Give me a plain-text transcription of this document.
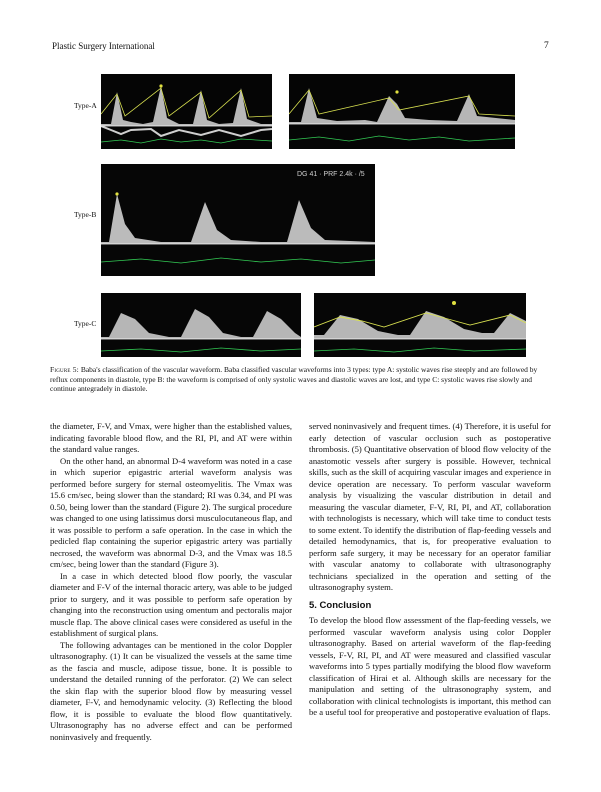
Plastic Surgery International	7
Type-A
Type-B
Type-C
DG 41 · PRF 2.4k · /5
Figure 5: Baba's classification of the vascular waveform. Baba classified vascular waveforms into 3 types: type A: systolic waves rise steeply and are followed by reflux components in diastole, type B: the waveform is comprised of only systolic waves and diastolic waves are lost, and type C: systolic waves rise slowly and continue antegradely in diastole.

the diameter, F-V, and Vmax, were higher than the established values, indicating favorable blood flow, and the RI, PI, and AT were within the standard value ranges.

On the other hand, an abnormal D-4 waveform was noted in a case in which superior epigastric arterial waveform analysis was performed before surgery for sternal osteomyelitis. The Vmax was 15.6 cm/sec, being slower than the standard; RI was 0.34, and PI was 0.50, being lower than the standard (Figure 2). The surgical procedure was changed to one using latissimus dorsi musculocutaneous flap, and it was possible to perform a safe operation. In the case in which the pedicled flap containing the superior epigastric artery was partially necrosed, the waveform was abnormal D-3, and the Vmax was 18.5 cm/sec, being lower than the standard (Figure 3).

In a case in which detected blood flow poorly, the vascular diameter and F-V of the internal thoracic artery, was able to be judged prior to surgery, and it was possible to perform safe operation by changing into the reconstruction using omentum and pectoralis major muscle flap. The above clinical cases were considered as useful in the establishment of surgical plans.

The following advantages can be mentioned in the color Doppler ultrasonography. (1) It can be visualized the vessels at the same time as the fascia and muscle, adipose tissue, bone. It is possible to understand the detailed running of the perforator. (2) We can select the skin flap with the superior blood flow by measuring vessel diameter, F-V, and hemodynamic velocity. (3) Reflecting the blood flow, it is possible to evaluate the blood flow quantitatively. Ultrasonography has no adverse effect and can be performed noninvasively and frequently.

served noninvasively and frequent times. (4) Therefore, it is useful for early detection of vascular occlusion such as postoperative thrombosis. (5) Quantitative observation of blood flow velocity of the anastomotic vessels after surgery is possible. However, technical skills, such as the skill of acquiring vascular images and experience in device operation are necessary. To perform vascular waveform analysis by visualizing the vascular distribution in detail and measuring the vascular diameter, F-V, RI, PI, and AT, collaboration with technologists is necessary, which will take time to conduct tests to some extent. To identify the distribution of flap-feeding vessels and detailed hemodynamics, that is, for preoperative evaluation to perform safe surgery, it may be necessary for an operator familiar with vascular anatomy to collaborate with ultrasonography technicians specialized in the operation and setting of the ultrasonography system.

5. Conclusion

To develop the blood flow assessment of the flap-feeding vessels, we performed vascular waveform analysis using color Doppler ultrasonography. Based on arterial waveform of the flap-feeding vessels, F-V, RI, PI, and AT were measured and classified vascular waveforms into 5 types partially modifying the blood flow waveform classification of Hirai et al. Although skills are necessary for the manipulation and setting of the ultrasonography system, and collaboration with clinical technologists is important, this method can be a useful tool for preoperative and postoperative evaluation of flaps.
